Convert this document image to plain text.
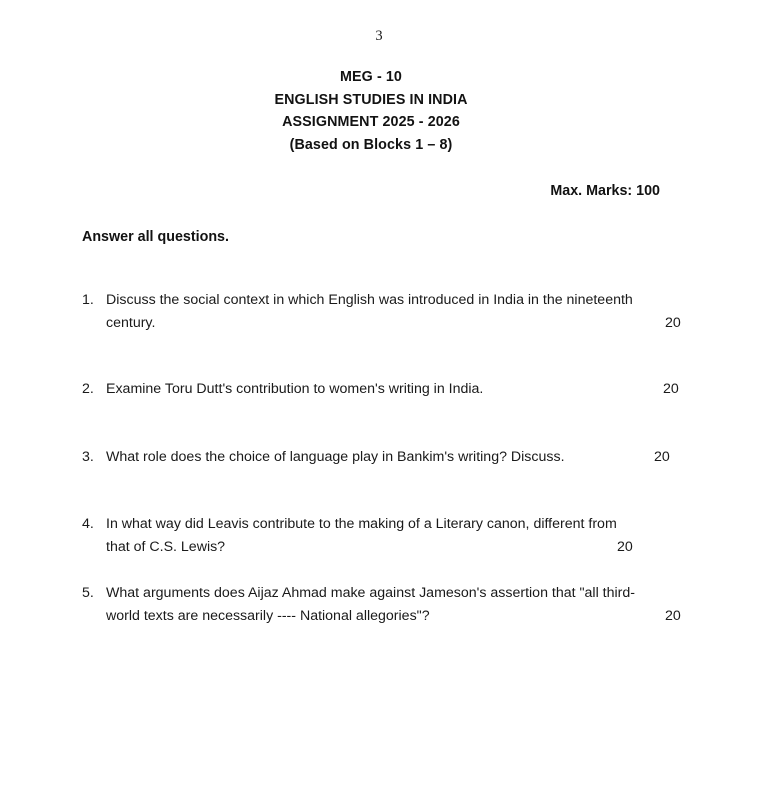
3
MEG - 10
ENGLISH STUDIES IN INDIA
ASSIGNMENT 2025 - 2026
(Based on Blocks 1 – 8)
Max. Marks: 100
Answer all questions.
1. Discuss the social context in which English was introduced in India in the nineteenth
century.	20
2. Examine Toru Dutt's contribution to women's writing in India.	20
3. What role does the choice of language play in Bankim's writing? Discuss.	20
4. In what way did Leavis contribute to the making of a Literary canon, different from
that of C.S. Lewis?	20
5. What arguments does Aijaz Ahmad make against Jameson's assertion that "all third-
world texts are necessarily ---- National allegories"?	20
